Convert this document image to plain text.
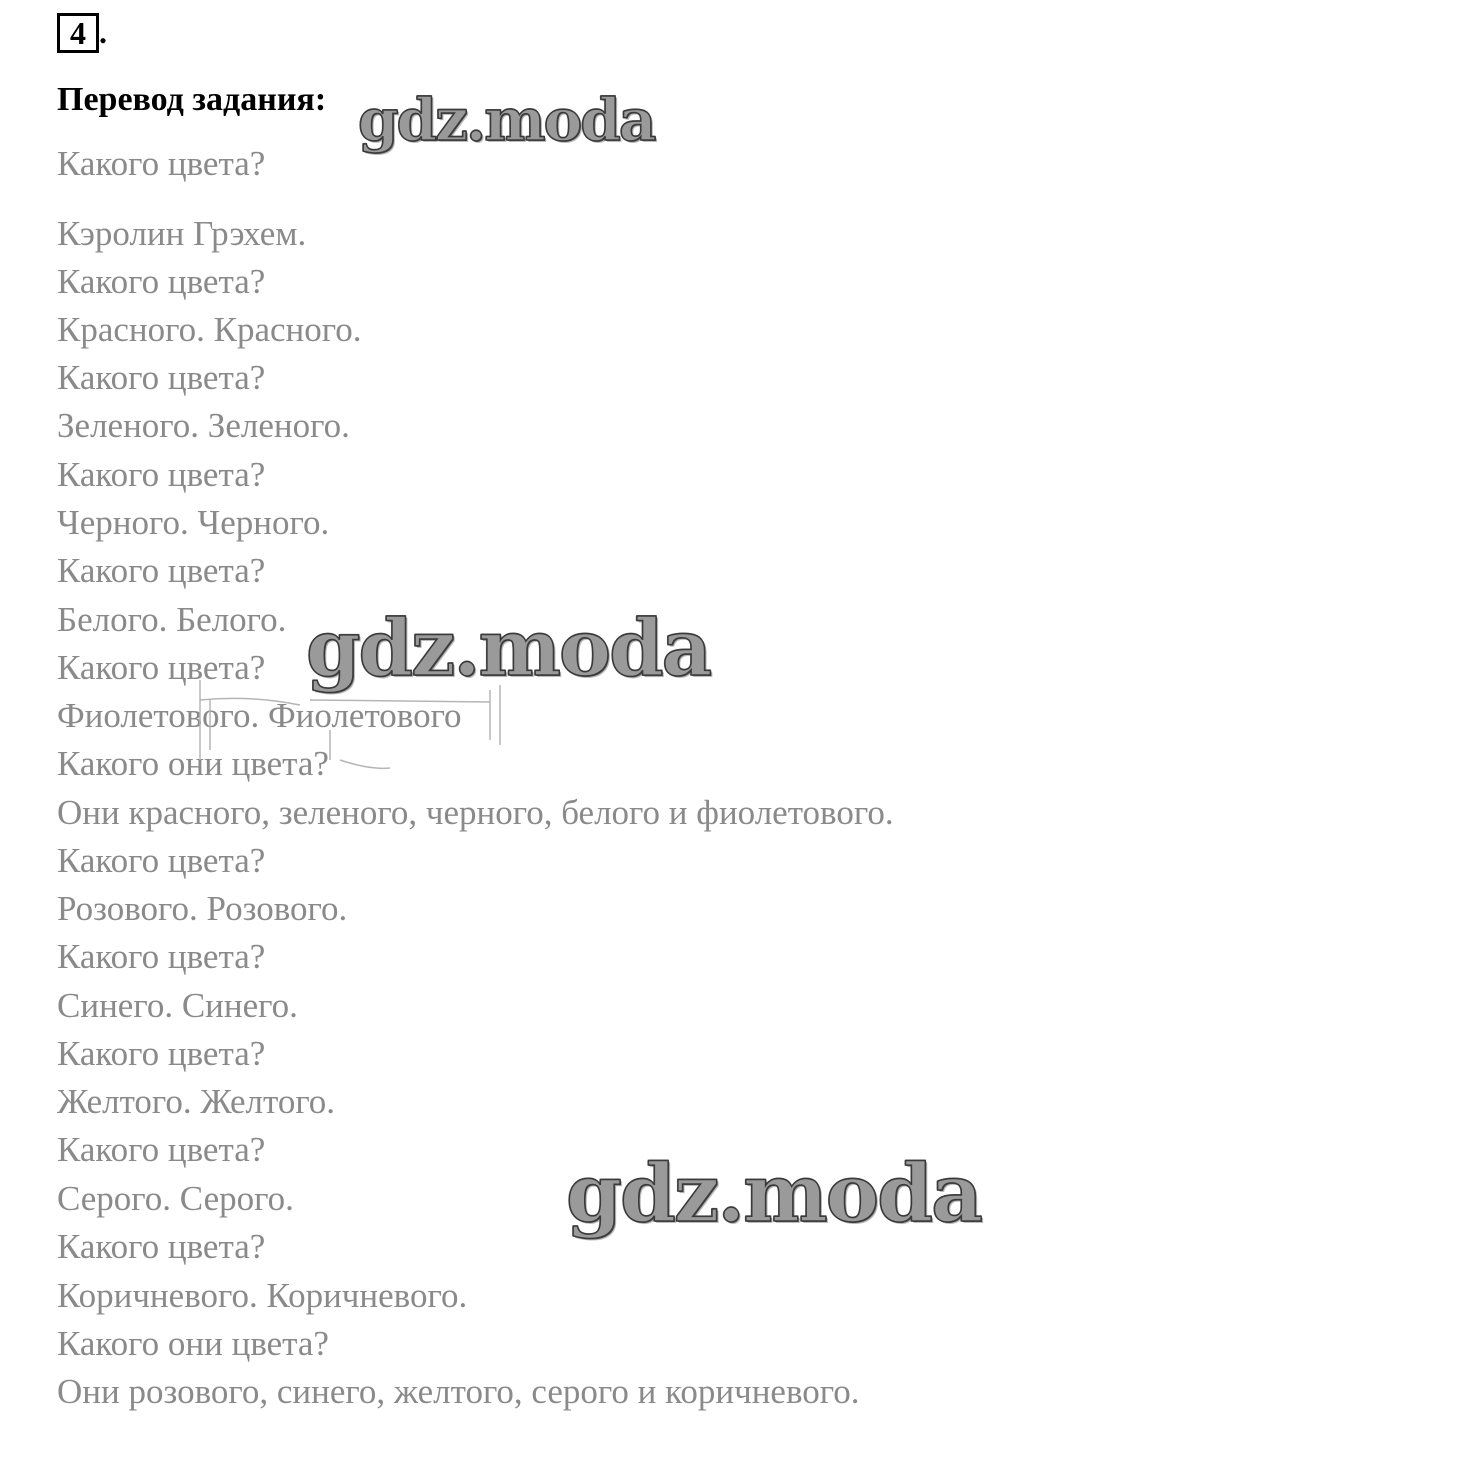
4 .
Перевод задания:
Какого цвета?
Кэролин Грэхем.
Какого цвета?
Красного. Красного.
Какого цвета?
Зеленого. Зеленого.
Какого цвета?
Черного. Черного.
Какого цвета?
Белого. Белого.
Какого цвета?
Фиолетового. Фиолетового
Какого они цвета?
Они красного, зеленого, черного, белого и фиолетового.
Какого цвета?
Розового. Розового.
Какого цвета?
Синего. Синего.
Какого цвета?
Желтого. Желтого.
Какого цвета?
Серого. Серого.
Какого цвета?
Коричневого. Коричневого.
Какого они цвета?
Они розового, синего, желтого, серого и коричневого.
gdz.moda
gdz.moda
gdz.moda
